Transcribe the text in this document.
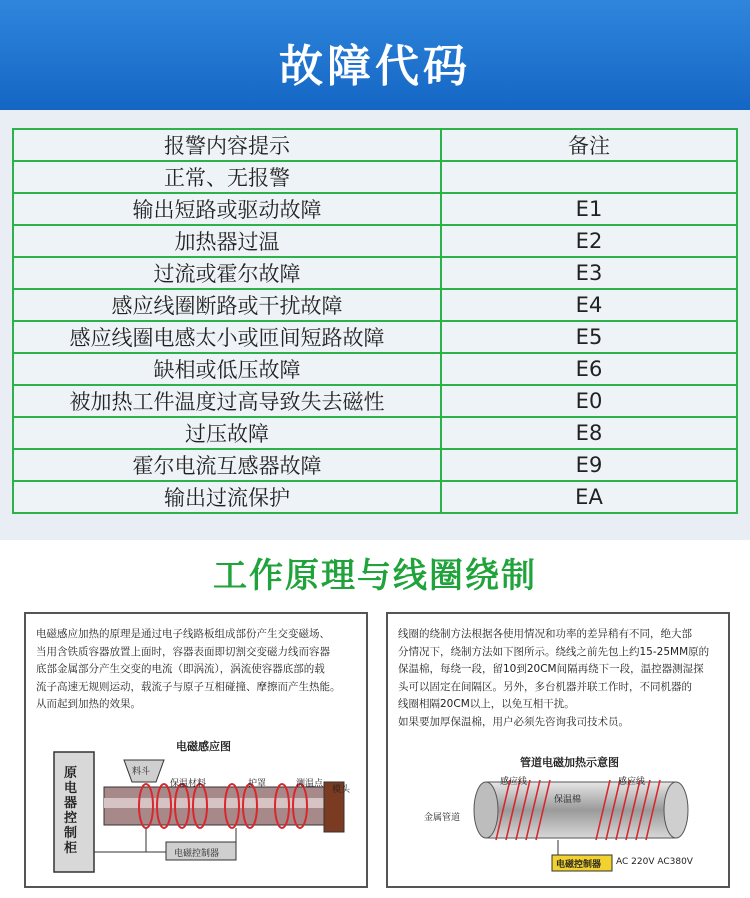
故障代码
报警内容提示	备注
正常、无报警	
输出短路或驱动故障	E1
加热器过温	E2
过流或霍尔故障	E3
感应线圈断路或干扰故障	E4
感应线圈电感太小或匝间短路故障	E5
缺相或低压故障	E6
被加热工件温度过高导致失去磁性	E0
过压故障	E8
霍尔电流互感器故障	E9
输出过流保护	EA
工作原理与线圈绕制

电磁感应加热的原理是通过电子线路板组成部份产生交变磁场、

当用含铁质容器放置上面时，容器表面即切割交变磁力线而容器

底部金属部分产生交变的电流（即涡流），涡流使容器底部的载

流子高速无规则运动，载流子与原子互相碰撞、摩擦而产生热能。

从而起到加热的效果。

电磁感应图
原电器控制柜
料斗
保温材料	护罩	测温点
模头
电磁控制器

线圈的绕制方法根据各使用情况和功率的差异稍有不同，绝大部

分情况下，绕制方法如下图所示。绕线之前先包上约15-25MM原的

保温棉，每绕一段，留10到20CM间隔再绕下一段，温控器测湿探

头可以固定在间隔区。另外，多台机器并联工作时，不同机器的

线圈相隔20CM以上，以免互相干扰。

如果要加厚保温棉，用户必须先咨询我司技术员。

管道电磁加热示意图
感应线	感应线
保温棉
金属管道
电磁控制器 AC 220V AC380V
